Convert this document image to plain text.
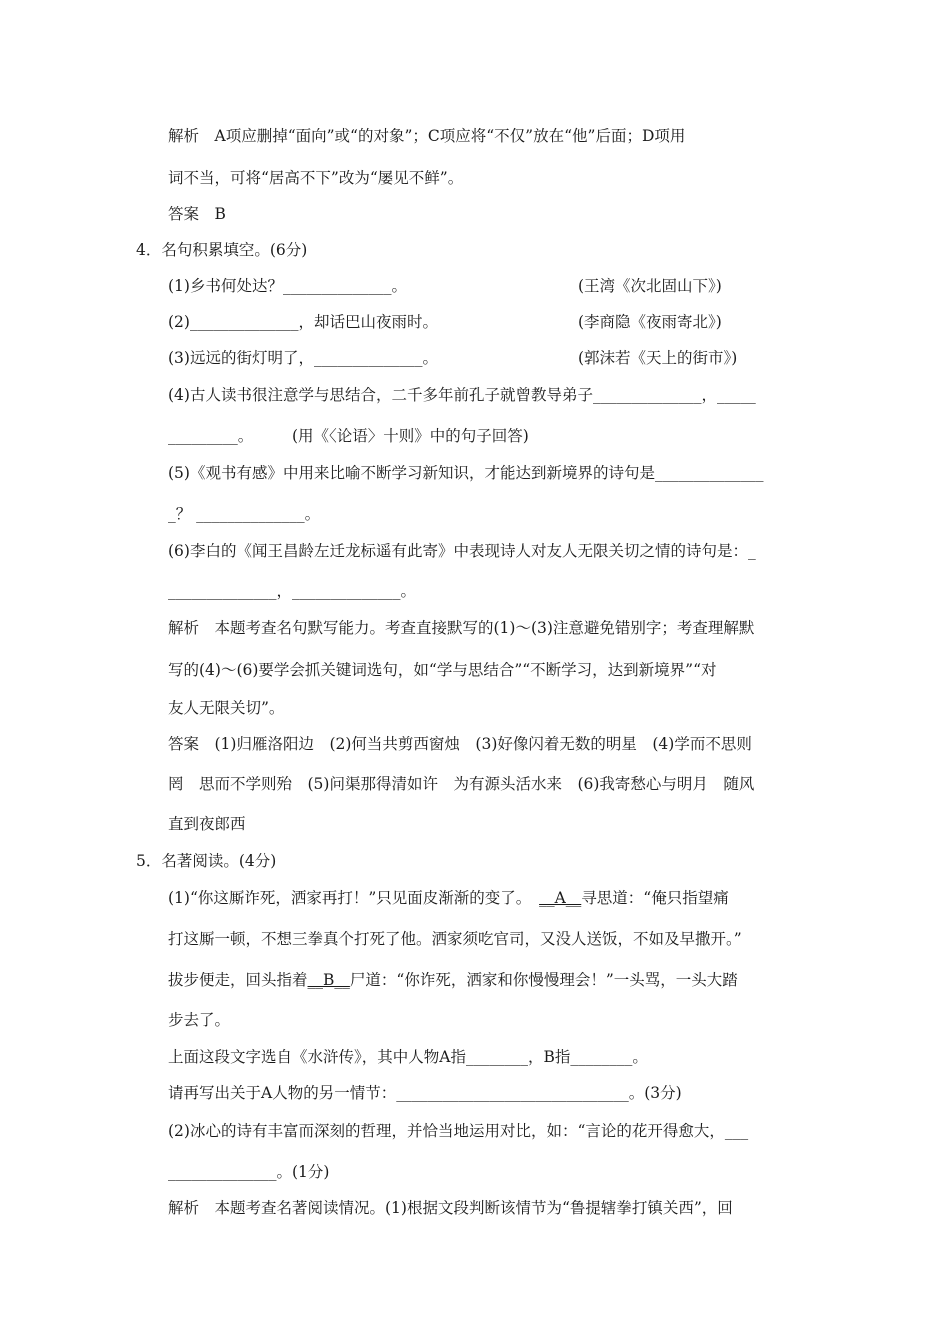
解析　A项应删掉“面向”或“的对象”；C项应将“不仅”放在“他”后面；D项用
词不当，可将“居高不下”改为“屡见不鲜”。
答案　B
4．名句积累填空。(6分)
(1)乡书何处达？______________。	(王湾《次北固山下》)
(2)______________，却话巴山夜雨时。	(李商隐《夜雨寄北》)
(3)远远的街灯明了，______________。	(郭沫若《天上的街市》)
(4)古人读书很注意学与思结合，二千多年前孔子就曾教导弟子______________，_____
_________。　　　(用《〈论语〉十则》中的句子回答)
(5)《观书有感》中用来比喻不断学习新知识，才能达到新境界的诗句是______________
_？ ______________。
(6)李白的《闻王昌龄左迁龙标遥有此寄》中表现诗人对友人无限关切之情的诗句是：_
______________，______________。
解析　本题考查名句默写能力。考查直接默写的(1)～(3)注意避免错别字；考查理解默
写的(4)～(6)要学会抓关键词选句，如“学与思结合”“不断学习，达到新境界”“对
友人无限关切”。
答案　(1)归雁洛阳边　(2)何当共剪西窗烛　(3)好像闪着无数的明星　(4)学而不思则
罔　思而不学则殆　(5)问渠那得清如许　为有源头活水来　(6)我寄愁心与明月　随风
直到夜郎西
5．名著阅读。(4分)
(1)“你这厮诈死，洒家再打！”只见面皮渐渐的变了。　__A__寻思道：“俺只指望痛
打这厮一顿，不想三拳真个打死了他。洒家须吃官司，又没人送饭，不如及早撒开。”
拔步便走，回头指着__B__尸道：“你诈死，洒家和你慢慢理会！”一头骂，一头大踏
步去了。
上面这段文字选自《水浒传》，其中人物A指________，B指________。
请再写出关于A人物的另一情节：______________________________。(3分)
(2)冰心的诗有丰富而深刻的哲理，并恰当地运用对比，如：“言论的花开得愈大，___
______________。(1分)
解析　本题考查名著阅读情况。(1)根据文段判断该情节为“鲁提辖拳打镇关西”，回
